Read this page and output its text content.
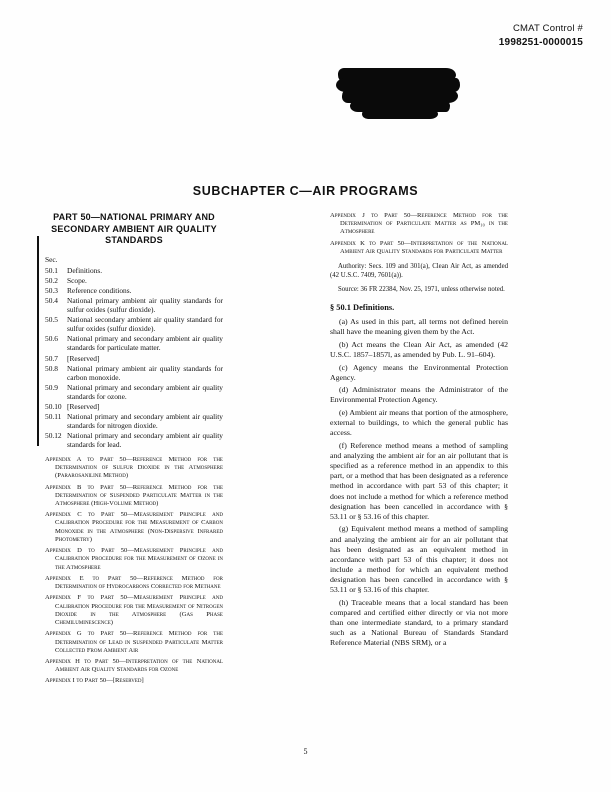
CMAT Control #
1998251-0000015
SUBCHAPTER C—AIR PROGRAMS
PART 50—NATIONAL PRIMARY AND SECONDARY AMBIENT AIR QUALITY STANDARDS
Sec.
50.1	Definitions.
50.2	Scope.
50.3	Reference conditions.
50.4	National primary ambient air quality standards for sulfur oxides (sulfur dioxide).
50.5	National secondary ambient air quality standard for sulfur oxides (sulfur dioxide).
50.6	National primary and secondary ambient air quality standards for particulate matter.
50.7	[Reserved]
50.8	National primary ambient air quality standards for carbon monoxide.
50.9	National primary and secondary ambient air quality standards for ozone.
50.10 [Reserved]
50.11 National primary and secondary ambient air quality standards for nitrogen dioxide.
50.12 National primary and secondary ambient air quality standards for lead.
Appendix A to Part 50—Reference Method for the Determination of Sulfur Dioxide in the Atmosphere (Pararosaniline Method)
Appendix B to Part 50—Reference Method for the Determination of Suspended Particulate Matter in the Atmosphere (High-Volume Method)
Appendix C to Part 50—Measurement Principle and Calibration Procedure for the Measurement of Carbon Monoxide in the Atmosphere (Non-Dispersive Infrared Photometry)
Appendix D to Part 50—Measurement Principle and Calibration Procedure for the Measurement of Ozone in the Atmosphere
Appendix E to Part 50—Reference Method for Determination of Hydrocarbons Corrected for Methane
Appendix F to Part 50—Measurement Principle and Calibration Procedure for the Measurement of Nitrogen Dioxide in the Atmosphere (Gas Phase Chemiluminescence)
Appendix G to Part 50—Reference Method for the Determination of Lead in Suspended Particulate Matter Collected From Ambient Air
Appendix H to Part 50—Interpretation of the National Ambient Air Quality Standards for Ozone
Appendix I to Part 50—[Reserved]
Appendix J to Part 50—Reference Method for the Determination of Particulate Matter as PM₁₀ in the Atmosphere
Appendix K to Part 50—Interpretation of the National Ambient Air Quality Standards for Particulate Matter
Authority: Secs. 109 and 301(a), Clean Air Act, as amended (42 U.S.C. 7409, 7601(a)).
Source: 36 FR 22384, Nov. 25, 1971, unless otherwise noted.
§ 50.1 Definitions.
(a) As used in this part, all terms not defined herein shall have the meaning given them by the Act.
(b) Act means the Clean Air Act, as amended (42 U.S.C. 1857–1857l, as amended by Pub. L. 91–604).
(c) Agency means the Environmental Protection Agency.
(d) Administrator means the Administrator of the Environmental Protection Agency.
(e) Ambient air means that portion of the atmosphere, external to buildings, to which the general public has access.
(f) Reference method means a method of sampling and analyzing the ambient air for an air pollutant that is specified as a reference method in an appendix to this part, or a method that has been designated as a reference method in accordance with part 53 of this chapter; it does not include a method for which a reference method designation has been cancelled in accordance with § 53.11 or § 53.16 of this chapter.
(g) Equivalent method means a method of sampling and analyzing the ambient air for an air pollutant that has been designated as an equivalent method in accordance with part 53 of this chapter; it does not include a method for which an equivalent method designation has been cancelled in accordance with § 53.11 or § 53.16 of this chapter.
(h) Traceable means that a local standard has been compared and certified either directly or via not more than one intermediate standard, to a primary standard such as a National Bureau of Standards Standard Reference Material (NBS SRM), or a
5
